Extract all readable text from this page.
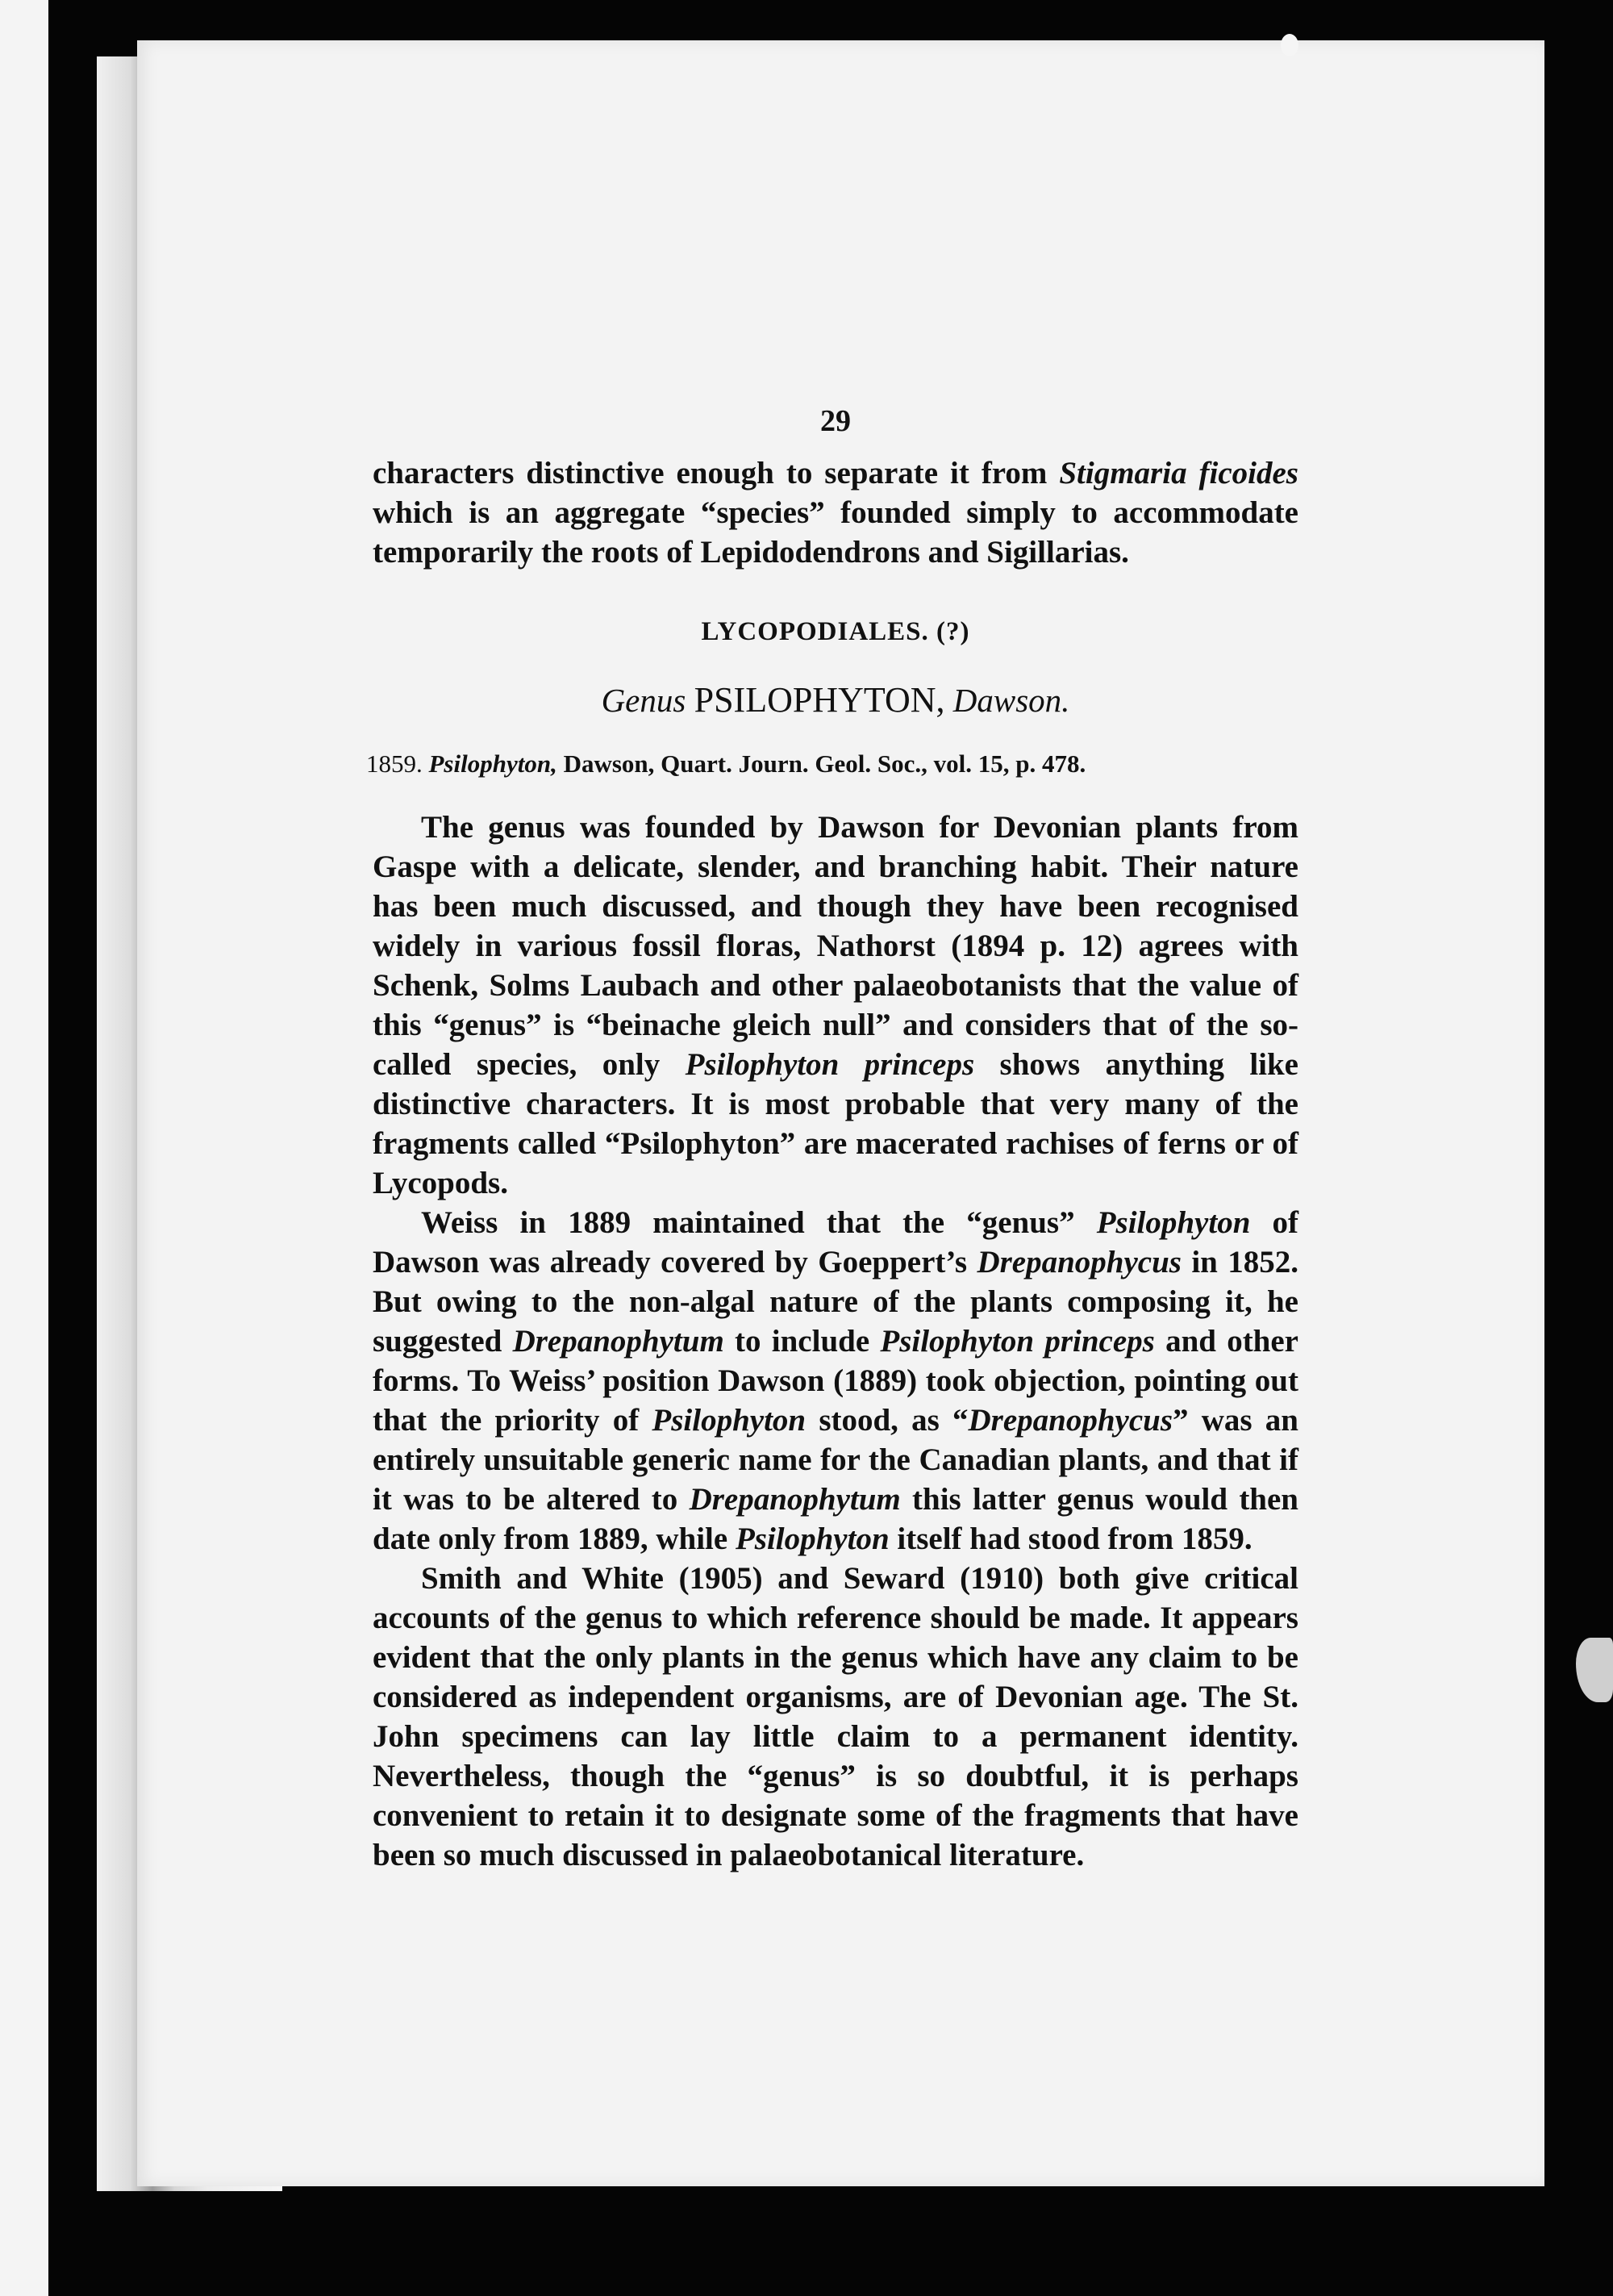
29

characters distinctive enough to separate it from Stigmaria ficoides which is an aggregate “species” founded simply to accommodate temporarily the roots of Lepidodendrons and Sigillarias.

LYCOPODIALES. (?)
Genus PSILOPHYTON, Dawson.
1859. Psilophyton, Dawson, Quart. Journ. Geol. Soc., vol. 15, p. 478.

The genus was founded by Dawson for Devonian plants from Gaspe with a delicate, slender, and branching habit. Their nature has been much discussed, and though they have been recognised widely in various fossil floras, Nathorst (1894 p. 12) agrees with Schenk, Solms Laubach and other palaeobotanists that the value of this “genus” is “beinache gleich null” and considers that of the so-called species, only Psilophyton princeps shows anything like distinctive characters. It is most probable that very many of the fragments called “Psilophyton” are macerated rachises of ferns or of Lycopods.

Weiss in 1889 maintained that the “genus” Psilophyton of Dawson was already covered by Goeppert’s Drepanophycus in 1852. But owing to the non-algal nature of the plants composing it, he suggested Drepanophytum to include Psilophyton princeps and other forms. To Weiss’ position Dawson (1889) took objection, pointing out that the priority of Psilophyton stood, as “Drepanophycus” was an entirely unsuitable generic name for the Canadian plants, and that if it was to be altered to Drepanophytum this latter genus would then date only from 1889, while Psilophyton itself had stood from 1859.

Smith and White (1905) and Seward (1910) both give critical accounts of the genus to which reference should be made. It appears evident that the only plants in the genus which have any claim to be considered as independent organisms, are of Devonian age. The St. John specimens can lay little claim to a permanent identity. Nevertheless, though the “genus” is so doubtful, it is perhaps convenient to retain it to designate some of the fragments that have been so much discussed in palaeobotanical literature.
